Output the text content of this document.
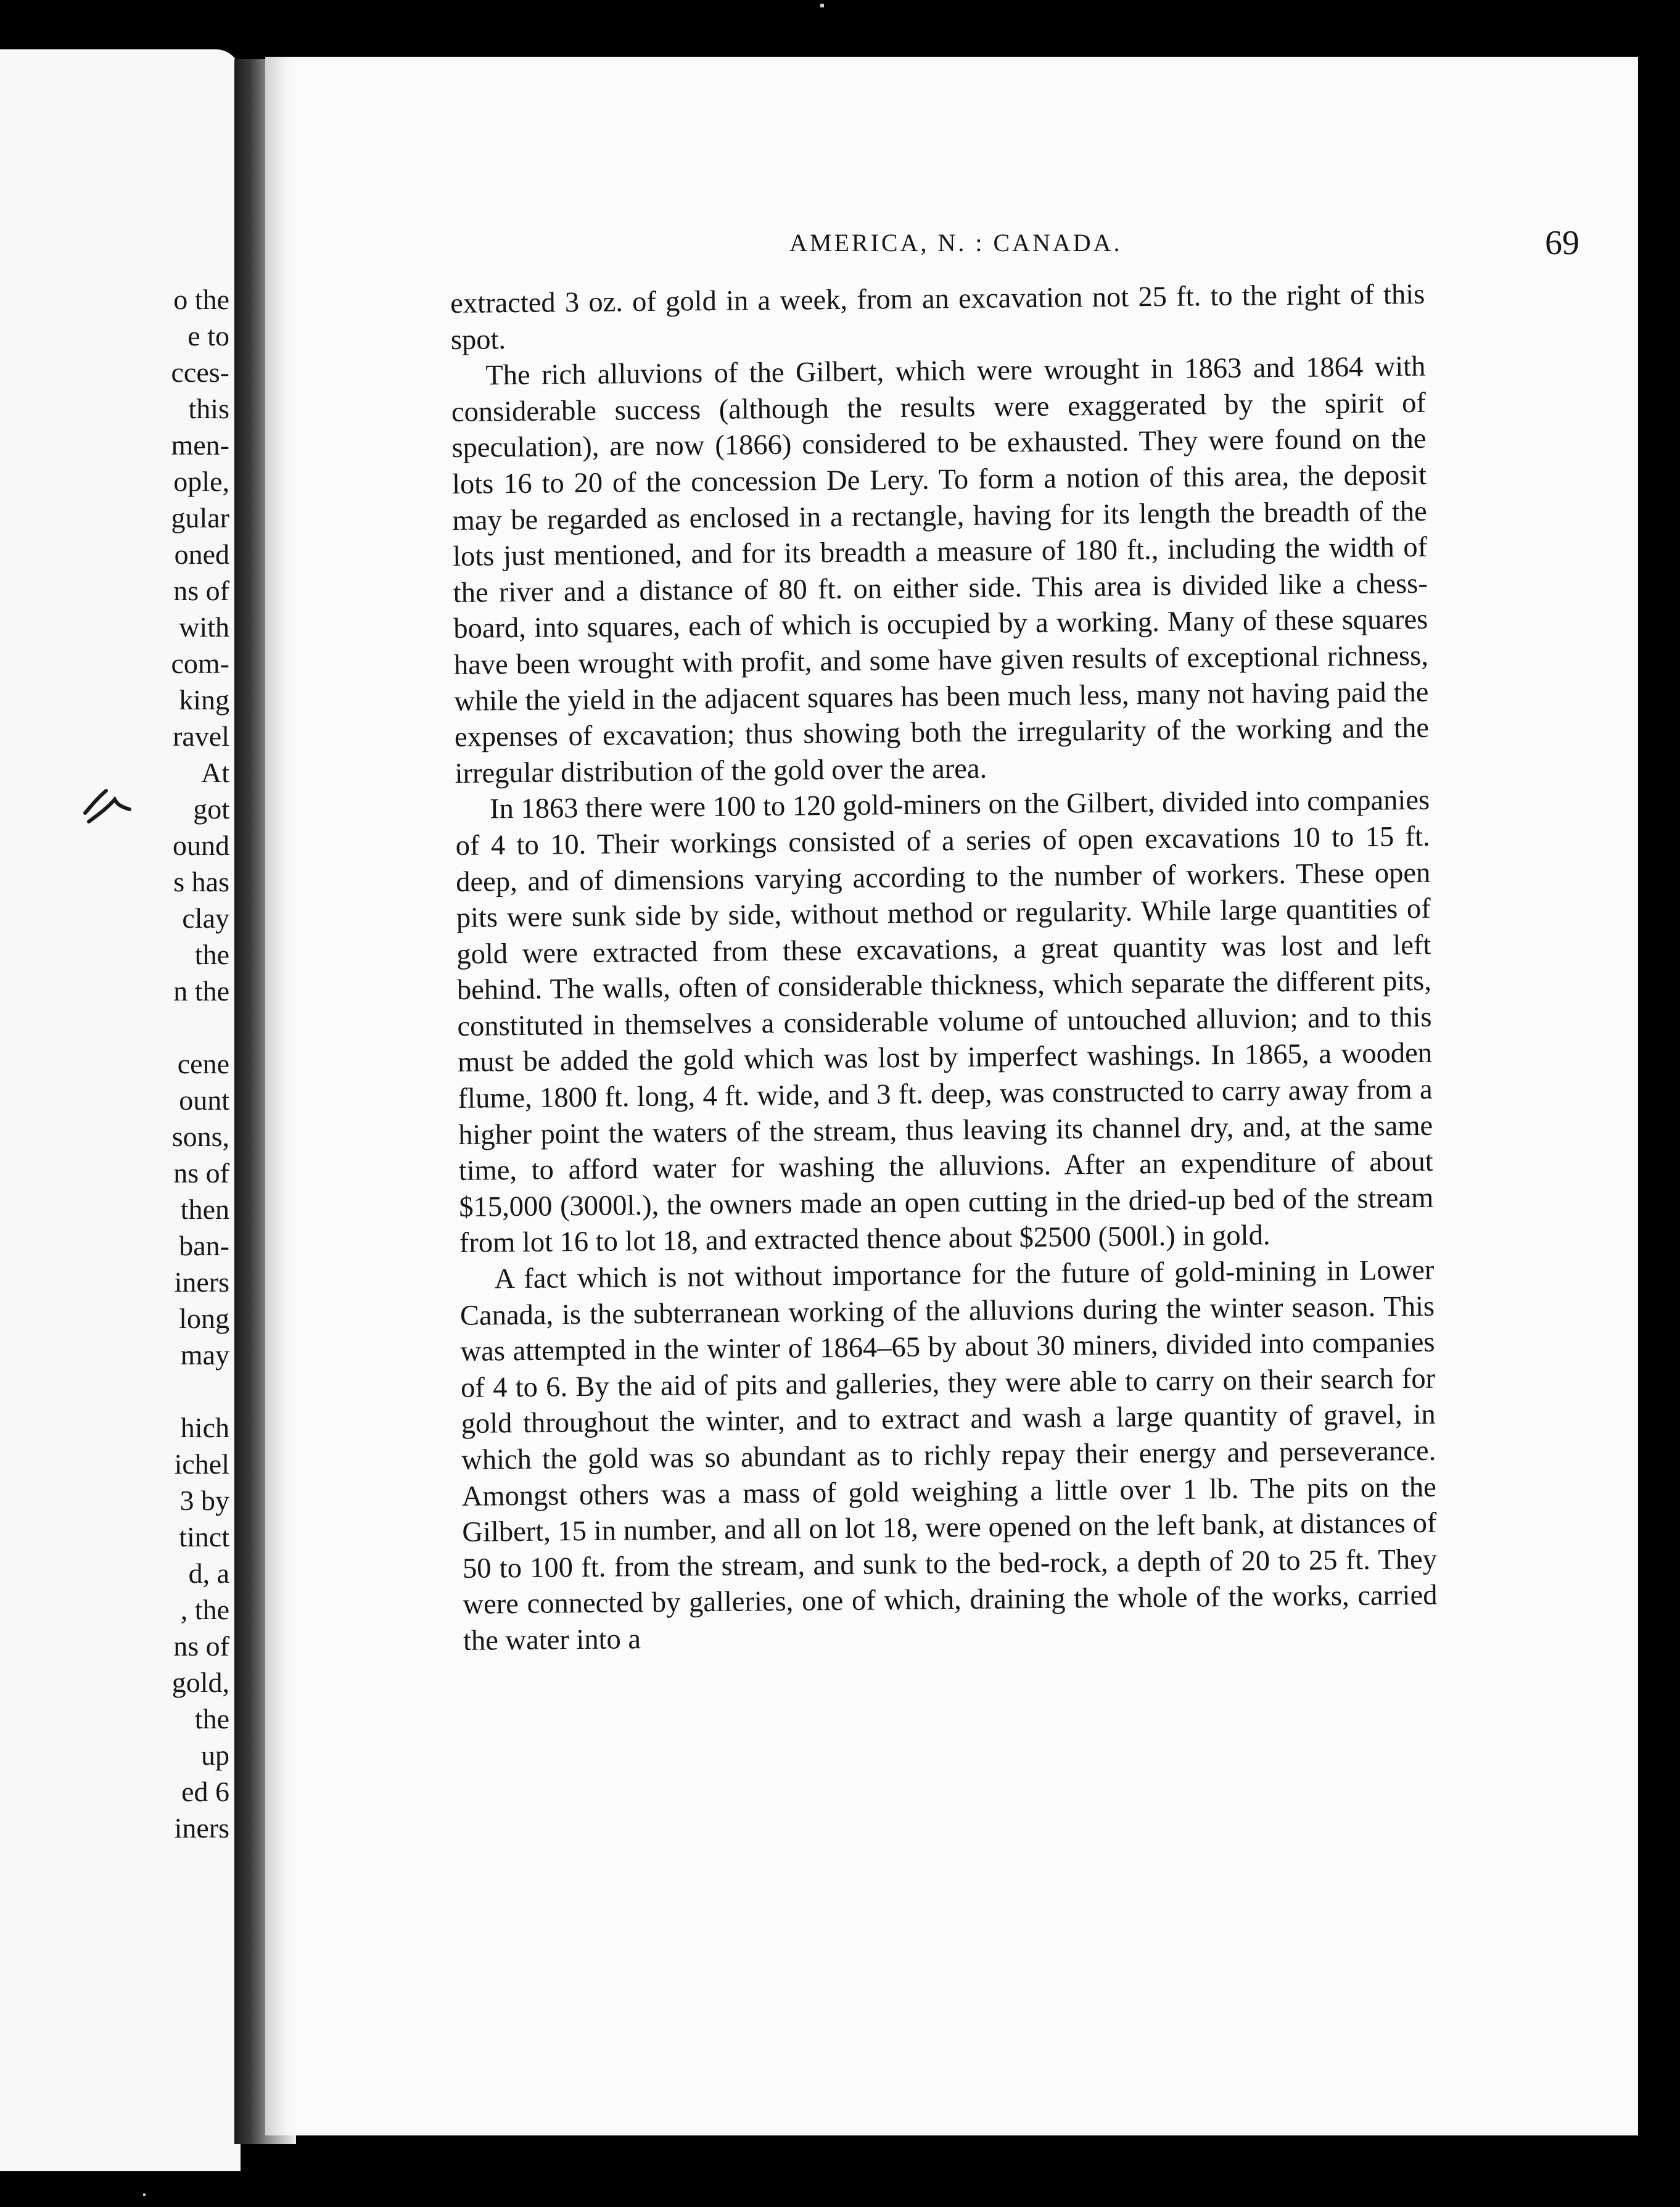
o the
e to
cces-
this
men-
ople,
gular
oned
ns of
with
com-
king
ravel
At
got
ound
s has
clay
the
n the
cene
ount
sons,
ns of
then
ban-
iners
long
may
hich
ichel
3 by
tinct
d, a
, the
ns of
gold,
the
up
ed 6
iners
AMERICA, N. : CANADA.	69

extracted 3 oz. of gold in a week, from an excavation not 25 ft. to the right of this spot.

The rich alluvions of the Gilbert, which were wrought in 1863 and 1864 with considerable success (although the results were exaggerated by the spirit of speculation), are now (1866) considered to be exhausted. They were found on the lots 16 to 20 of the concession De Lery. To form a notion of this area, the deposit may be regarded as enclosed in a rectangle, having for its length the breadth of the lots just mentioned, and for its breadth a measure of 180 ft., including the width of the river and a distance of 80 ft. on either side. This area is divided like a chess-board, into squares, each of which is occupied by a working. Many of these squares have been wrought with profit, and some have given results of exceptional richness, while the yield in the adjacent squares has been much less, many not having paid the expenses of excavation; thus showing both the irregularity of the working and the irregular distribution of the gold over the area.

In 1863 there were 100 to 120 gold-miners on the Gilbert, divided into companies of 4 to 10. Their workings consisted of a series of open excavations 10 to 15 ft. deep, and of dimensions varying according to the number of workers. These open pits were sunk side by side, without method or regularity. While large quantities of gold were extracted from these excavations, a great quantity was lost and left behind. The walls, often of considerable thickness, which separate the different pits, constituted in themselves a considerable volume of untouched alluvion; and to this must be added the gold which was lost by imperfect washings. In 1865, a wooden flume, 1800 ft. long, 4 ft. wide, and 3 ft. deep, was constructed to carry away from a higher point the waters of the stream, thus leaving its channel dry, and, at the same time, to afford water for washing the alluvions. After an expenditure of about $15,000 (3000l.), the owners made an open cutting in the dried-up bed of the stream from lot 16 to lot 18, and extracted thence about $2500 (500l.) in gold.

A fact which is not without importance for the future of gold-mining in Lower Canada, is the subterranean working of the alluvions during the winter season. This was attempted in the winter of 1864–65 by about 30 miners, divided into companies of 4 to 6. By the aid of pits and galleries, they were able to carry on their search for gold throughout the winter, and to extract and wash a large quantity of gravel, in which the gold was so abundant as to richly repay their energy and perseverance. Amongst others was a mass of gold weighing a little over 1 lb. The pits on the Gilbert, 15 in number, and all on lot 18, were opened on the left bank, at distances of 50 to 100 ft. from the stream, and sunk to the bed-rock, a depth of 20 to 25 ft. They were connected by galleries, one of which, draining the whole of the works, carried the water into a
